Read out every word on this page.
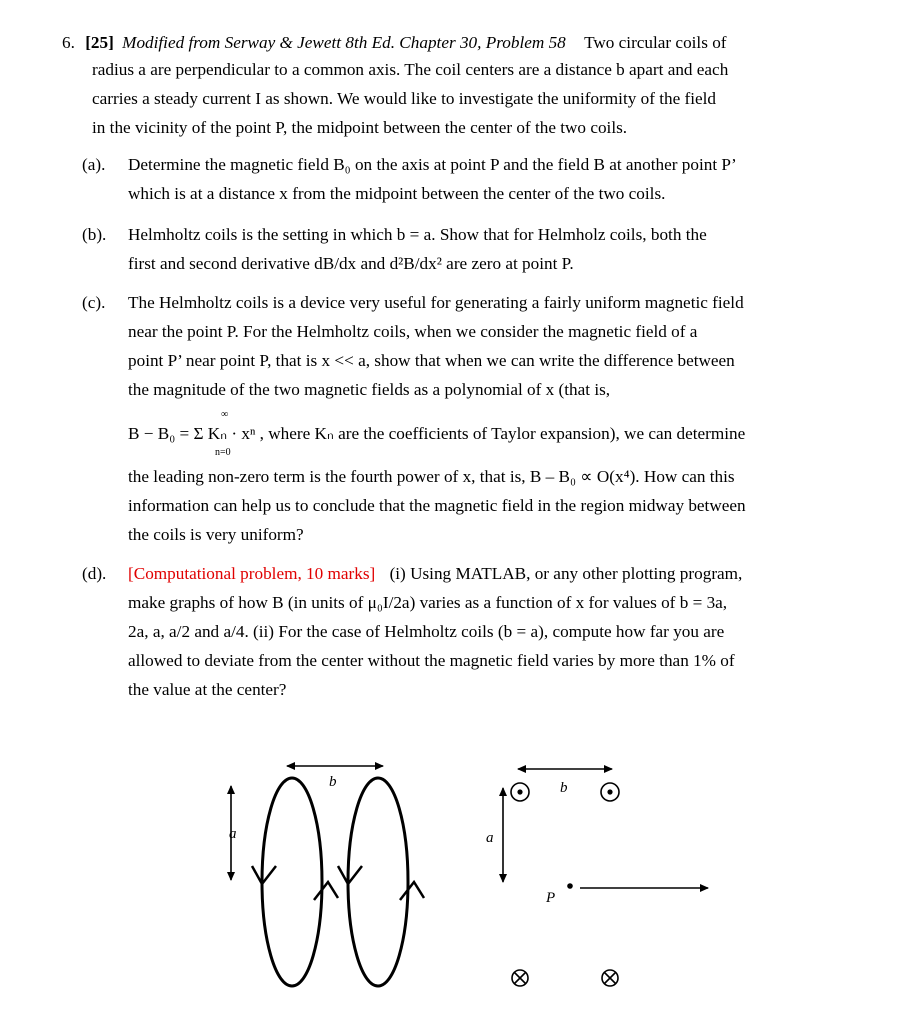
6. [25] Modified from Serway & Jewett 8th Ed. Chapter 30, Problem 58 Two circular coils of
radius a are perpendicular to a common axis. The coil centers are a distance b apart and each
carries a steady current I as shown. We would like to investigate the uniformity of the field
in the vicinity of the point P, the midpoint between the center of the two coils.
(a). Determine the magnetic field B₀ on the axis at point P and the field B at another point P’
which is at a distance x from the midpoint between the center of the two coils.
(b). Helmholtz coils is the setting in which b = a. Show that for Helmholz coils, both the
first and second derivative dB/dx and d²B/dx² are zero at point P.
(c). The Helmholtz coils is a device very useful for generating a fairly uniform magnetic field
near the point P. For the Helmholtz coils, when we consider the magnetic field of a
point P’ near point P, that is x << a, show that when we can write the difference between
the magnitude of the two magnetic fields as a polynomial of x (that is,
∞
B − B₀ = Σ Kₙ · xⁿ , where Kₙ are the coefficients of Taylor expansion), we can determine
n=0
the leading non-zero term is the fourth power of x, that is, B – B₀ ∝ O(x⁴). How can this
information can help us to conclude that the magnetic field in the region midway between
the coils is very uniform?
(d). [Computational problem, 10 marks] (i) Using MATLAB, or any other plotting program,
make graphs of how B (in units of μ₀I/2a) varies as a function of x for values of b = 3a,
2a, a, a/2 and a/4. (ii) For the case of Helmholtz coils (b = a), compute how far you are
allowed to deviate from the center without the magnetic field varies by more than 1% of
the value at the center?
b
a
b
a
P
